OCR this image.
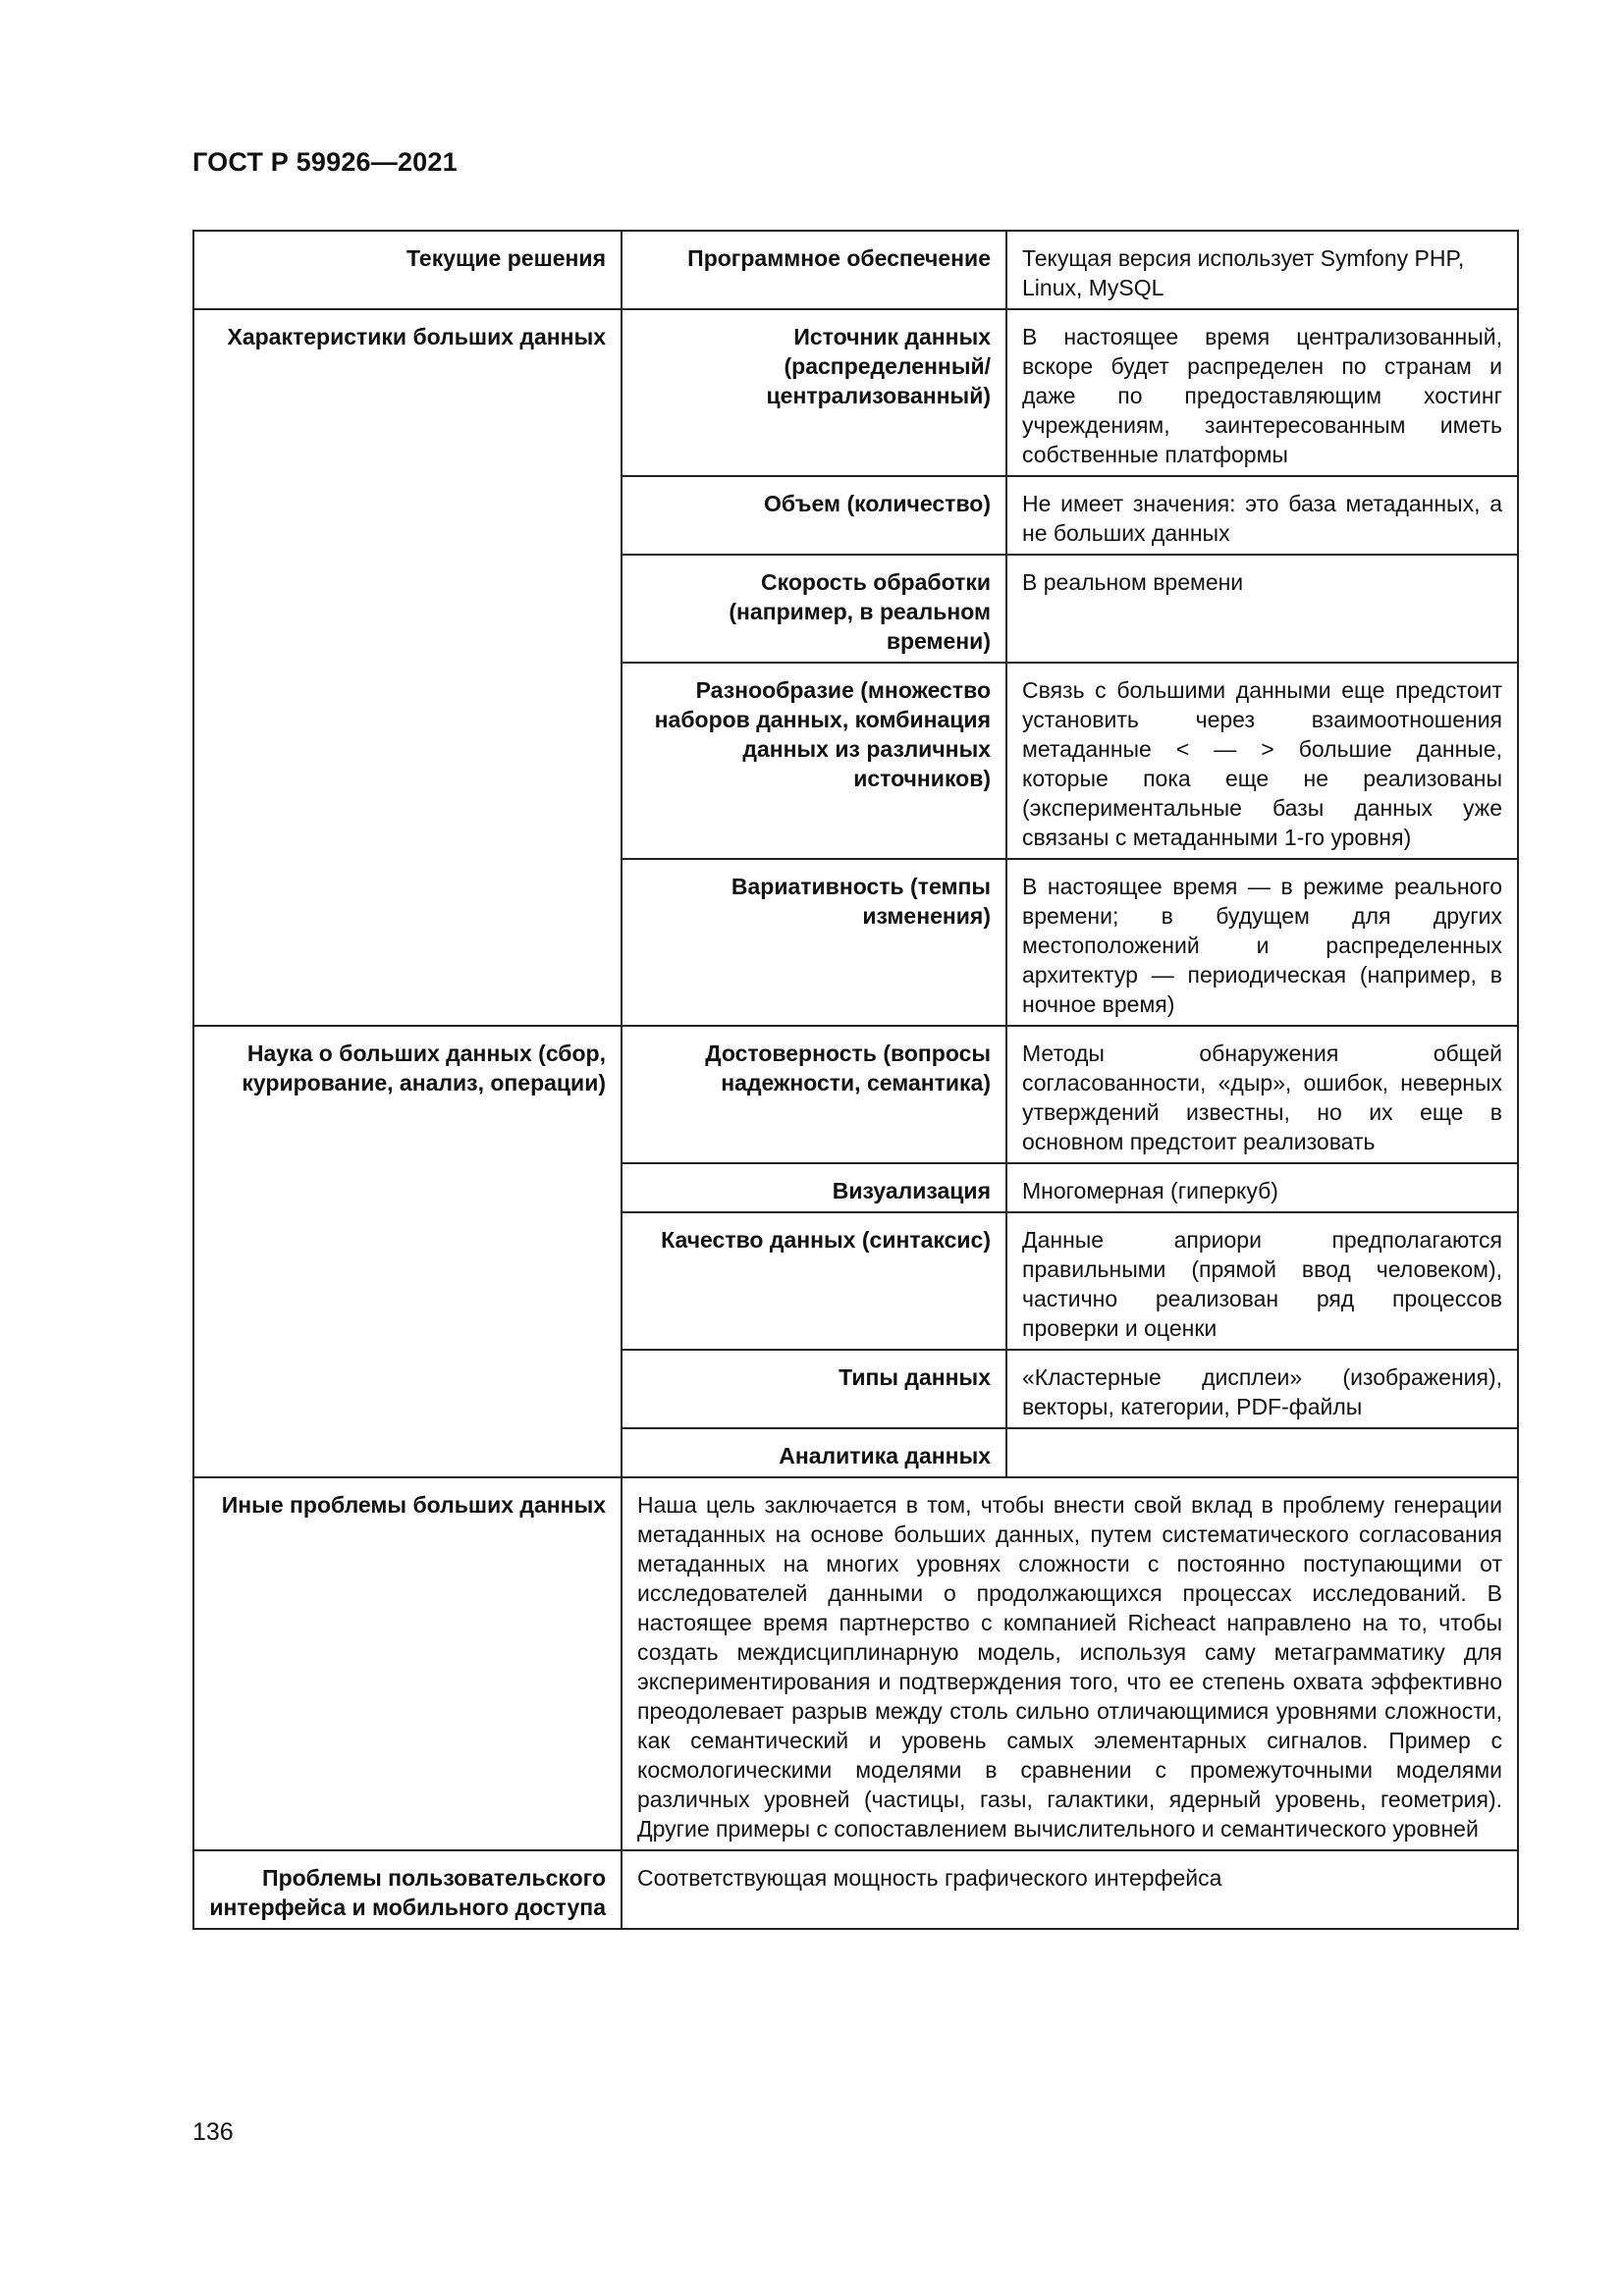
ГОСТ Р 59926—2021
Текущие решения	Программное обеспечение	Текущая версия использует Symfony PHP, Linux, MySQL
Характеристики больших данных	Источник данных (распределенный/ централизованный)	В настоящее время централизованный, вскоре будет распределен по странам и даже по предоставляющим хостинг учреждениям, заинтересованным иметь собственные платформы
	Объем (количество)	Не имеет значения: это база метаданных, а не больших данных
	Скорость обработки (например, в реальном времени)	В реальном времени
	Разнообразие (множество наборов данных, комбинация данных из различных источников)	Связь с большими данными еще предстоит установить через взаимоотношения метаданные < — > большие данные, которые пока еще не реализованы (экспериментальные базы данных уже связаны с метаданными 1-го уровня)
	Вариативность (темпы изменения)	В настоящее время — в режиме реального времени; в будущем для других местоположений и распределенных архитектур — периодическая (например, в ночное время)
Наука о больших данных (сбор, курирование, анализ, операции)	Достоверность (вопросы надежности, семантика)	Методы обнаружения общей согласованности, «дыр», ошибок, неверных утверждений известны, но их еще в основном предстоит реализовать
	Визуализация	Многомерная (гиперкуб)
	Качество данных (синтаксис)	Данные априори предполагаются правильными (прямой ввод человеком), частично реализован ряд процессов проверки и оценки
	Типы данных	«Кластерные дисплеи» (изображения), векторы, категории, PDF-файлы
	Аналитика данных	
Иные проблемы больших данных	Наша цель заключается в том, чтобы внести свой вклад в проблему генерации метаданных на основе больших данных, путем систематического согласования метаданных на многих уровнях сложности с постоянно поступающими от исследователей данными о продолжающихся процессах исследований. В настоящее время партнерство с компанией Richeact направлено на то, чтобы создать междисциплинарную модель, используя саму метаграмматику для экспериментирования и подтверждения того, что ее степень охвата эффективно преодолевает разрыв между столь сильно отличающимися уровнями сложности, как семантический и уровень самых элементарных сигналов. Пример с космологическими моделями в сравнении с промежуточными моделями различных уровней (частицы, газы, галактики, ядерный уровень, геометрия). Другие примеры с сопоставлением вычислительного и семантического уровней	
Проблемы пользовательского интерфейса и мобильного доступа	Соответствующая мощность графического интерфейса	
136
